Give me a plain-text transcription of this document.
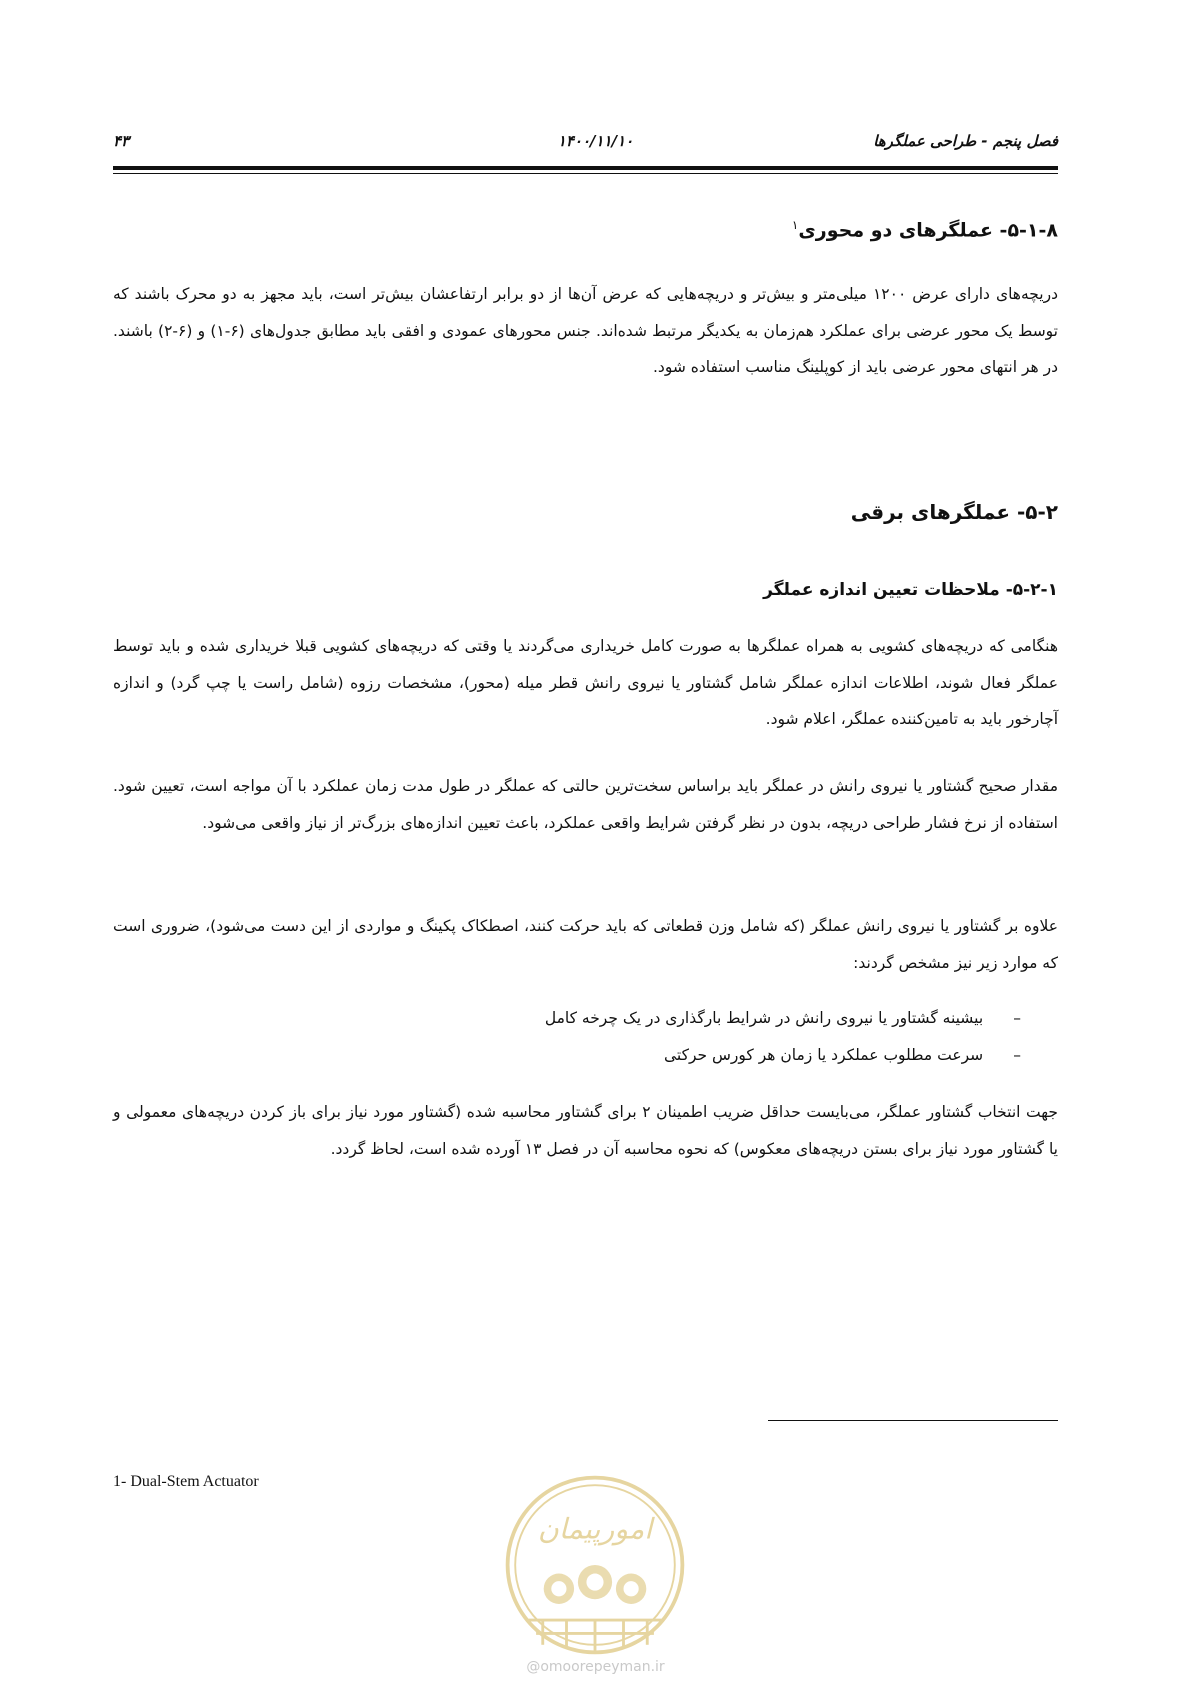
فصل پنجم - طراحی عملگرها
۱۴۰۰/۱۱/۱۰
۴۳
۵-۱-۸- عملگرهای دو محوری$^۱$
دریچه‌های دارای عرض ۱۲۰۰ میلی‌متر و بیش‌تر و دریچه‌هایی که عرض آن‌ها از دو برابر ارتفاعشان بیش‌تر است، باید مجهز به دو محرک باشند که توسط یک محور عرضی برای عملکرد هم‌زمان به یکدیگر مرتبط شده‌اند. جنس محورهای عمودی و افقی باید مطابق جدول‌های (۶-۱) و (۶-۲) باشند. در هر انتهای محور عرضی باید از کوپلینگ مناسب استفاده شود.
۵-۲- عملگرهای برقی
۵-۲-۱- ملاحظات تعیین اندازه عملگر
هنگامی که دریچه‌های کشویی به همراه عملگرها به صورت کامل خریداری می‌گردند یا وقتی که دریچه‌های کشویی قبلا خریداری شده و باید توسط عملگر فعال شوند، اطلاعات اندازه عملگر شامل گشتاور یا نیروی رانش قطر میله (محور)، مشخصات رزوه (شامل راست یا چپ گرد) و اندازه آچارخور باید به تامین‌کننده عملگر، اعلام شود.
مقدار صحیح گشتاور یا نیروی رانش در عملگر باید براساس سخت‌ترین حالتی که عملگر در طول مدت زمان عملکرد با آن مواجه است، تعیین شود. استفاده از نرخ فشار طراحی دریچه، بدون در نظر گرفتن شرایط واقعی عملکرد، باعث تعیین اندازه‌های بزرگ‌تر از نیاز واقعی می‌شود.
علاوه بر گشتاور یا نیروی رانش عملگر (که شامل وزن قطعاتی که باید حرکت کنند، اصطکاک پکینگ و مواردی از این دست می‌شود)، ضروری است که موارد زیر نیز مشخص گردند:
–  بیشینه گشتاور یا نیروی رانش در شرایط بارگذاری در یک چرخه کامل
–  سرعت مطلوب عملکرد یا زمان هر کورس حرکتی
جهت انتخاب گشتاور عملگر، می‌بایست حداقل ضریب اطمینان ۲ برای گشتاور محاسبه شده (گشتاور مورد نیاز برای باز کردن دریچه‌های معمولی و یا گشتاور مورد نیاز برای بستن دریچه‌های معکوس) که نحوه محاسبه آن در فصل ۱۳ آورده شده است، لحاظ گردد.
1- Dual-Stem Actuator
امورپیمان
@omoorepeyman.ir
